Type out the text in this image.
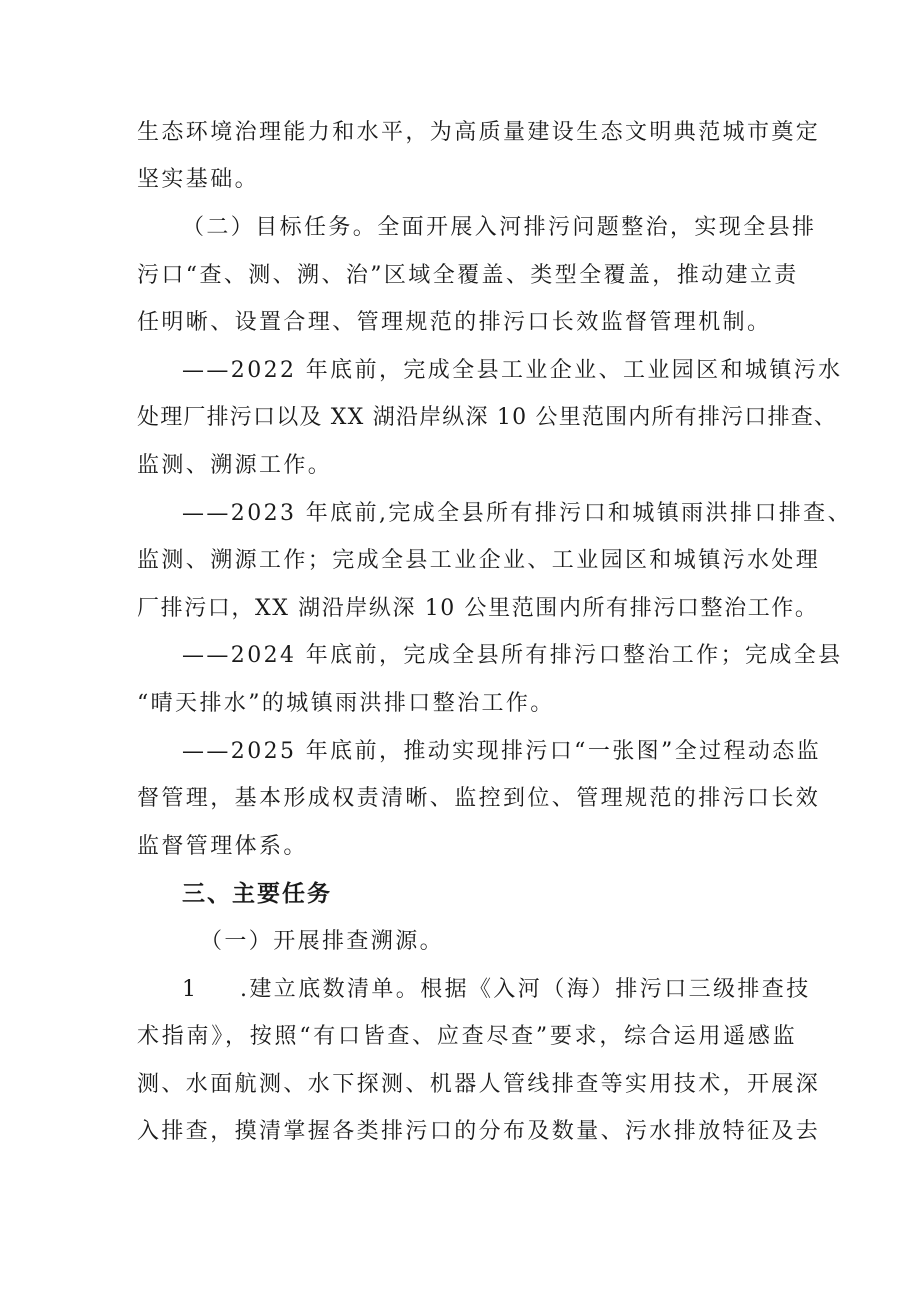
生态环境治理能力和水平，为高质量建设生态文明典范城市奠定
坚实基础。
（二）目标任务。全面开展入河排污问题整治，实现全县排
污口“查、测、溯、治”区域全覆盖、类型全覆盖，推动建立责
任明晰、设置合理、管理规范的排污口长效监督管理机制。
——2022 年底前，完成全县工业企业、工业园区和城镇污水
处理厂排污口以及 XX 湖沿岸纵深 10 公里范围内所有排污口排查、
监测、溯源工作。
——2023 年底前,完成全县所有排污口和城镇雨洪排口排查、
监测、溯源工作；完成全县工业企业、工业园区和城镇污水处理
厂排污口，XX 湖沿岸纵深 10 公里范围内所有排污口整治工作。
——2024 年底前，完成全县所有排污口整治工作；完成全县
“晴天排水”的城镇雨洪排口整治工作。
——2025 年底前，推动实现排污口“一张图”全过程动态监
督管理，基本形成权责清晰、监控到位、管理规范的排污口长效
监督管理体系。
三、主要任务
（一）开展排查溯源。
1	.建立底数清单。根据《入河（海）排污口三级排查技
术指南》，按照“有口皆查、应查尽查”要求，综合运用遥感监
测、水面航测、水下探测、机器人管线排查等实用技术，开展深
入排查，摸清掌握各类排污口的分布及数量、污水排放特征及去
